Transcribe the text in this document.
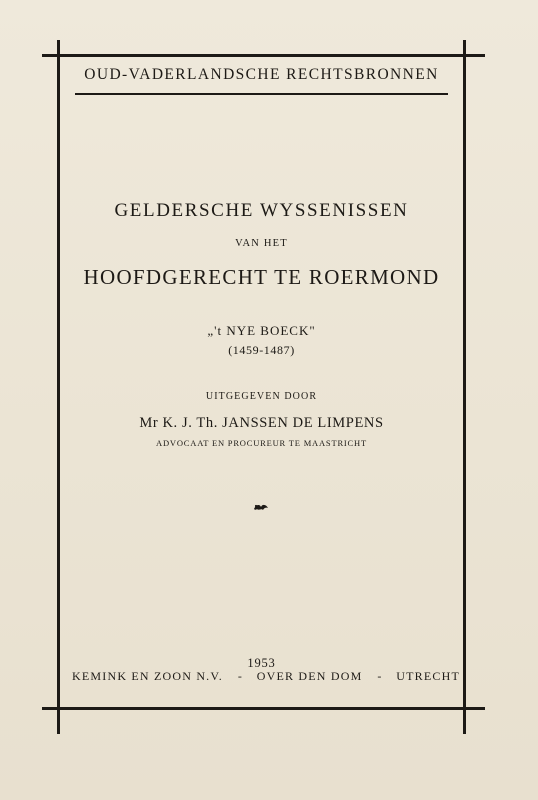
OUD-VADERLANDSCHE RECHTSBRONNEN
GELDERSCHE WYSSENISSEN
VAN HET
HOOFDGERECHT TE ROERMOND
„'t NYE BOECK"
(1459-1487)
UITGEGEVEN DOOR
Mr K. J. Th. JANSSEN DE LIMPENS
ADVOCAAT EN PROCUREUR TE MAASTRICHT
1953
KEMINK EN ZOON N.V. - OVER DEN DOM - UTRECHT
